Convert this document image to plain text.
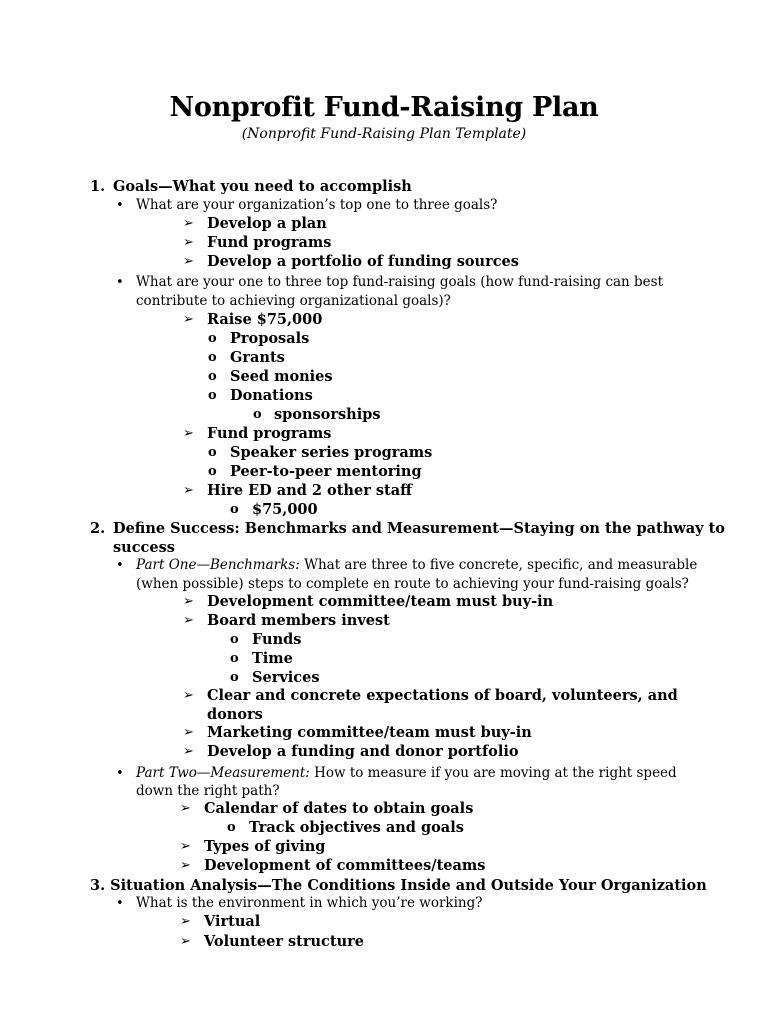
Nonprofit Fund-Raising Plan
(Nonprofit Fund-Raising Plan Template)
1. Goals—What you need to accomplish
• What are your organization’s top one to three goals?
➢ Develop a plan
➢ Fund programs
➢ Develop a portfolio of funding sources
• What are your one to three top fund-raising goals (how fund-raising can best
contribute to achieving organizational goals)?
➢ Raise $75,000
o Proposals
o Grants
o Seed monies
o Donations
o sponsorships
➢ Fund programs
o Speaker series programs
o Peer-to-peer mentoring
➢ Hire ED and 2 other staff
o $75,000
2. Define Success: Benchmarks and Measurement—Staying on the pathway to
success
• Part One—Benchmarks: What are three to five concrete, specific, and measurable
(when possible) steps to complete en route to achieving your fund-raising goals?
➢ Development committee/team must buy-in
➢ Board members invest
o Funds
o Time
o Services
➢ Clear and concrete expectations of board, volunteers, and
donors
➢ Marketing committee/team must buy-in
➢ Develop a funding and donor portfolio
• Part Two—Measurement: How to measure if you are moving at the right speed
down the right path?
➢ Calendar of dates to obtain goals
o Track objectives and goals
➢ Types of giving
➢ Development of committees/teams
3. Situation Analysis—The Conditions Inside and Outside Your Organization
• What is the environment in which you’re working?
➢ Virtual
➢ Volunteer structure
